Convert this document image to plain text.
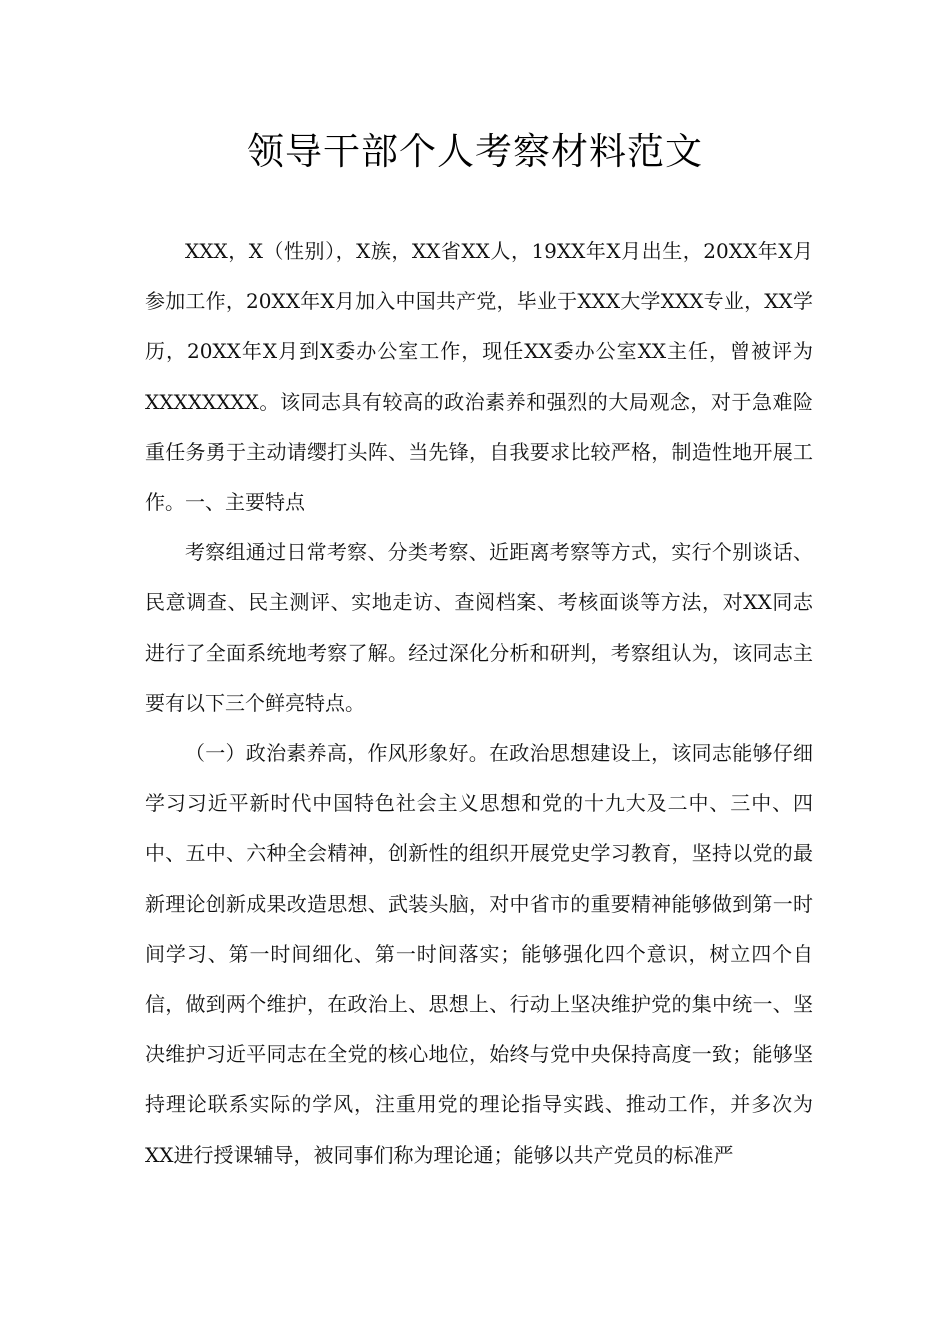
领导干部个人考察材料范文

XXX，X（性别），X族，XX省XX人，19XX年X月出生，20XX年X月参加工作，20XX年X月加入中国共产党，毕业于XXX大学XXX专业，XX学历，20XX年X月到X委办公室工作，现任XX委办公室XX主任，曾被评为XXXXXXXX。该同志具有较高的政治素养和强烈的大局观念，对于急难险重任务勇于主动请缨打头阵、当先锋，自我要求比较严格，制造性地开展工作。一、主要特点

考察组通过日常考察、分类考察、近距离考察等方式，实行个别谈话、民意调查、民主测评、实地走访、查阅档案、考核面谈等方法，对XX同志进行了全面系统地考察了解。经过深化分析和研判，考察组认为，该同志主要有以下三个鲜亮特点。

（一）政治素养高，作风形象好。在政治思想建设上，该同志能够仔细学习习近平新时代中国特色社会主义思想和党的十九大及二中、三中、四中、五中、六种全会精神，创新性的组织开展党史学习教育，坚持以党的最新理论创新成果改造思想、武装头脑，对中省市的重要精神能够做到第一时间学习、第一时间细化、第一时间落实；能够强化四个意识，树立四个自信，做到两个维护，在政治上、思想上、行动上坚决维护党的集中统一、坚决维护习近平同志在全党的核心地位，始终与党中央保持高度一致；能够坚持理论联系实际的学风，注重用党的理论指导实践、推动工作，并多次为XX进行授课辅导，被同事们称为理论通；能够以共产党员的标准严
